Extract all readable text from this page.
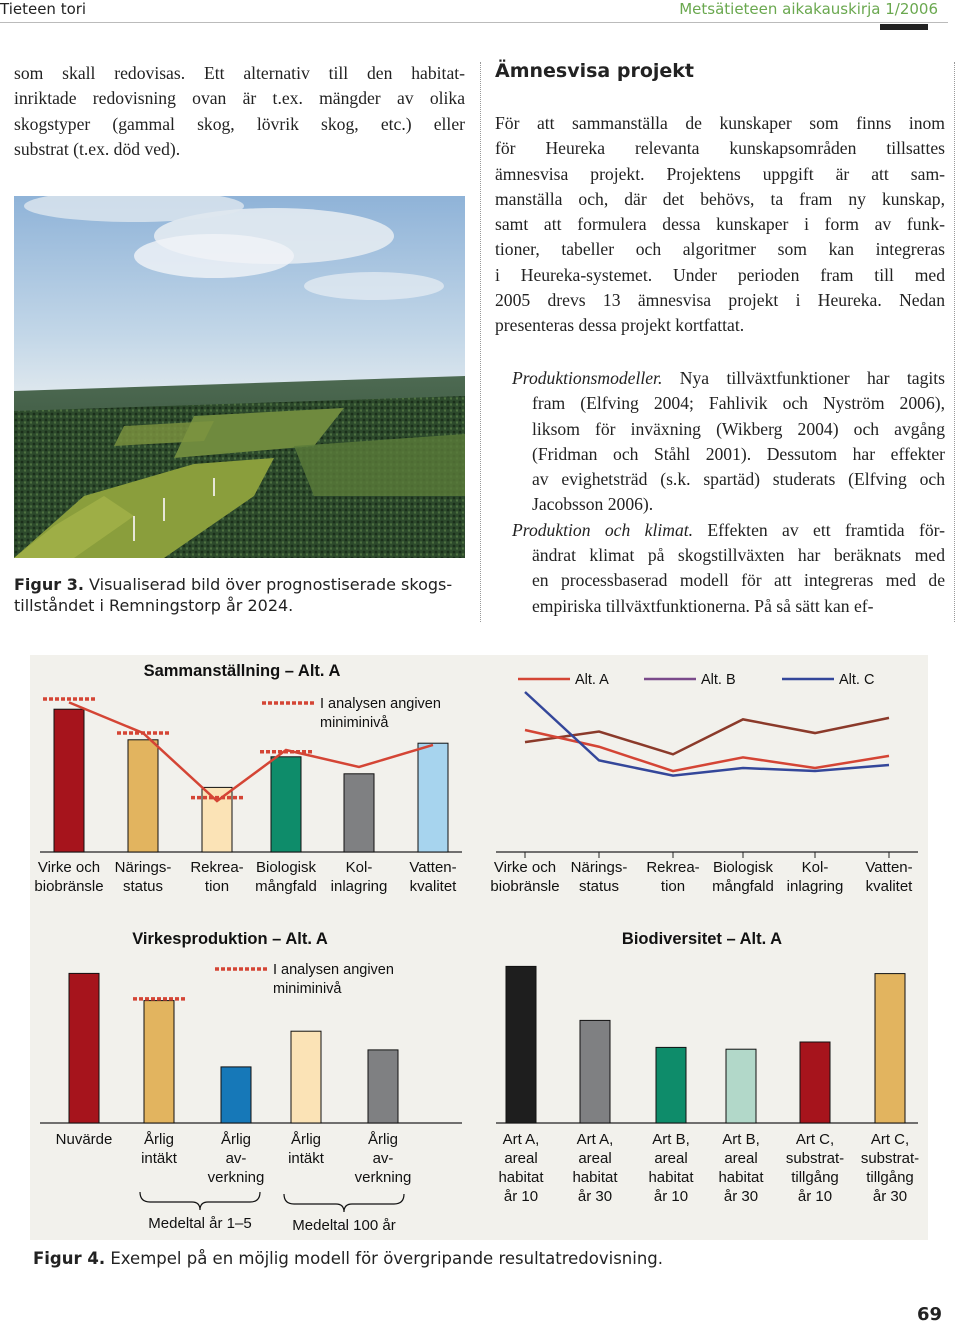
Tieteen tori	Metsätieteen aikakauskirja 1/2006
som skall redovisas. Ett alternativ till den habitat-
inriktade redovisning ovan är t.ex. mängder av olika
skogstyper (gammal skog, lövrik skog, etc.) eller
substrat (t.ex. död ved).
Figur 3. Visualiserad bild över prognostiserade skogs-
tillståndet i Remningstorp år 2024.
Ämnesvisa projekt
För att sammanställa de kunskaper som finns inom
för Heureka relevanta kunskapsområden tillsattes
ämnesvisa projekt. Projektens uppgift är att sam-
manställa och, där det behövs, ta fram ny kunskap,
samt att formulera dessa kunskaper i form av funk-
tioner, tabeller och algoritmer som kan integreras
i Heureka-systemet. Under perioden fram till med
2005 drevs 13 ämnesvisa projekt i Heureka. Nedan
presenteras dessa projekt kortfattat.
Produktionsmodeller. Nya tillväxtfunktioner har tagits
fram (Elfving 2004; Fahlivik och Nyström 2006),
liksom för inväxning (Wikberg 2004) och avgång
(Fridman och Ståhl 2001). Dessutom har effekter
av evighetsträd (s.k. spartäd) studerats (Elfving och
Jacobsson 2006).
Produktion och klimat. Effekten av ett framtida för-
ändrat klimat på skogstillväxten har beräknats med
en processbaserad modell för att integreras med de
empiriska tillväxtfunktionerna. På så sätt kan ef-
Sammanställning – Alt. A
I analysen angiven
miniminivå
Virke och
biobränsle
Närings-
status
Rekrea-
tion
Biologisk
mångfald
Kol-
inlagring
Vatten-
kvalitet
Alt. A	Alt. B	Alt. C
Virke och
biobränsle
Närings-
status
Rekrea-
tion
Biologisk
mångfald
Kol-
inlagring
Vatten-
kvalitet
Virkesproduktion – Alt. A
I analysen angiven
miniminivå
Nuvärde Årlig
intäkt
Årlig
av-
verkning
Årlig
intäkt
Årlig
av-
verkning
Medeltal år 1–5	Medeltal 100 år
Biodiversitet – Alt. A
Art A,
areal
habitat
år 10
Art A,
areal
habitat
år 30
Art B,
areal
habitat
år 10
Art B,
areal
habitat
år 30
Art C,
substrat-
tillgång
år 10
Art C,
substrat-
tillgång
år 30
Figur 4. Exempel på en möjlig modell för övergripande resultatredovisning.
69
